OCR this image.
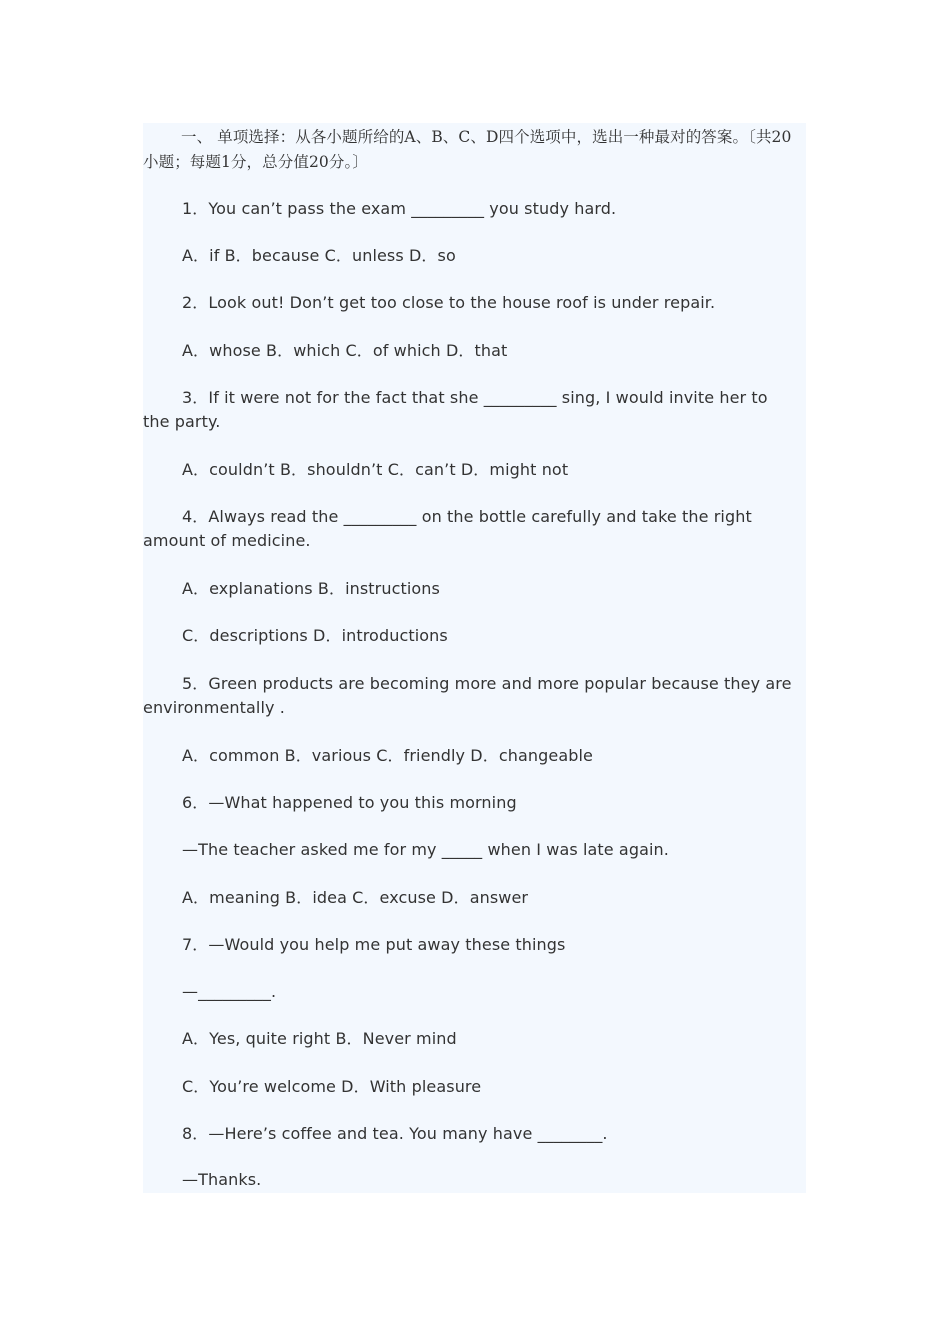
一、 单项选择：从各小题所给的A、B、C、D四个选项中，选出一种最对的答案。〔共20小题；每题1分，总分值20分。〕
1．You can’t pass the exam _________ you study hard.
A．if B．because C．unless D．so
2．Look out! Don’t get too close to the house roof is under repair.
A．whose B．which C．of which D．that
3．If it were not for the fact that she _________ sing, I would invite her to the party.
A．couldn’t B．shouldn’t C．can’t D．might not
4．Always read the _________ on the bottle carefully and take the right amount of medicine.
A．explanations B．instructions
C．descriptions D．introductions
5．Green products are becoming more and more popular because they are environmentally .
A．common B．various C．friendly D．changeable
6．—What happened to you this morning
—The teacher asked me for my _____ when I was late again.
A．meaning B．idea C．excuse D．answer
7．—Would you help me put away these things
—_________.
A．Yes, quite right B．Never mind
C．You’re welcome D．With pleasure
8．—Here’s coffee and tea. You many have ________.
—Thanks.
